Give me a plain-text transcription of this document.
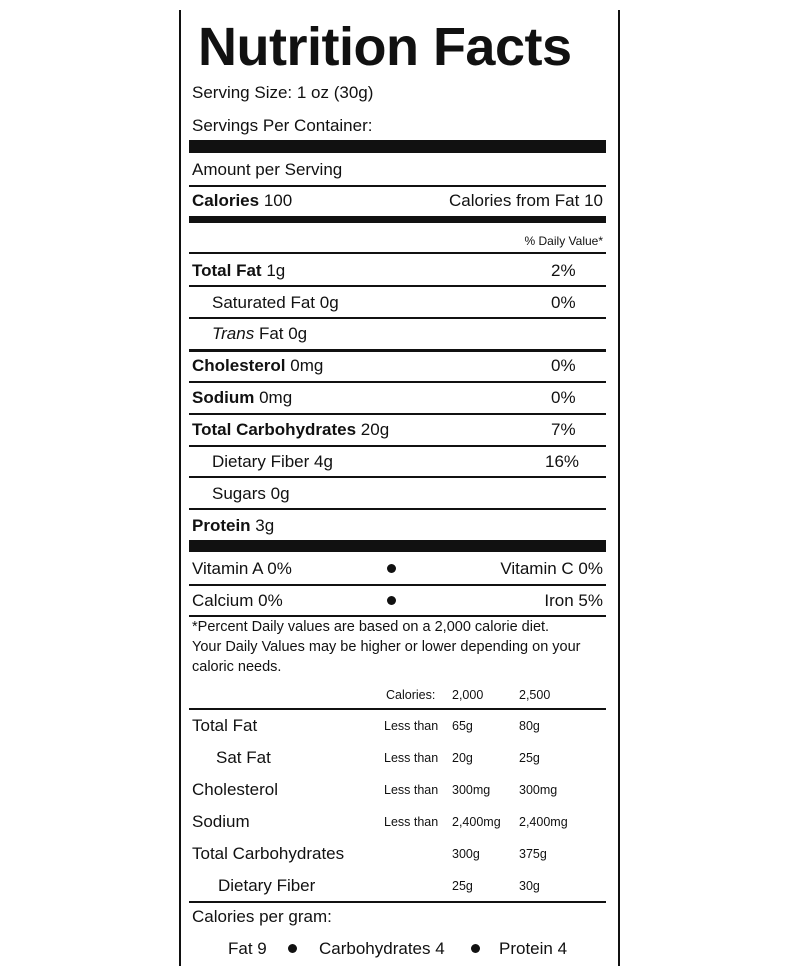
Nutrition Facts
Serving Size: 1 oz (30g)
Servings Per Container:
Amount per Serving
Calories 100	Calories from Fat 10
% Daily Value*
Total Fat 1g	2%
Saturated Fat 0g	0%
Trans Fat 0g
Cholesterol 0mg	0%
Sodium 0mg	0%
Total Carbohydrates 20g	7%
Dietary Fiber 4g	16%
Sugars 0g
Protein 3g
Vitamin A 0%	Vitamin C 0%
Calcium 0%	Iron 5%
*Percent Daily values are based on a 2,000 calorie diet.
Your Daily Values may be higher or lower depending on your
caloric needs.
Calories: 2,000	2,500
Total Fat	Less than 65g	80g
Sat Fat	Less than 20g	25g
Cholesterol	Less than 300mg 300mg
Sodium	Less than 2,400mg 2,400mg
Total Carbohydrates	300g	375g
Dietary Fiber	25g	30g
Calories per gram:
Fat 9	Carbohydrates 4	Protein 4
